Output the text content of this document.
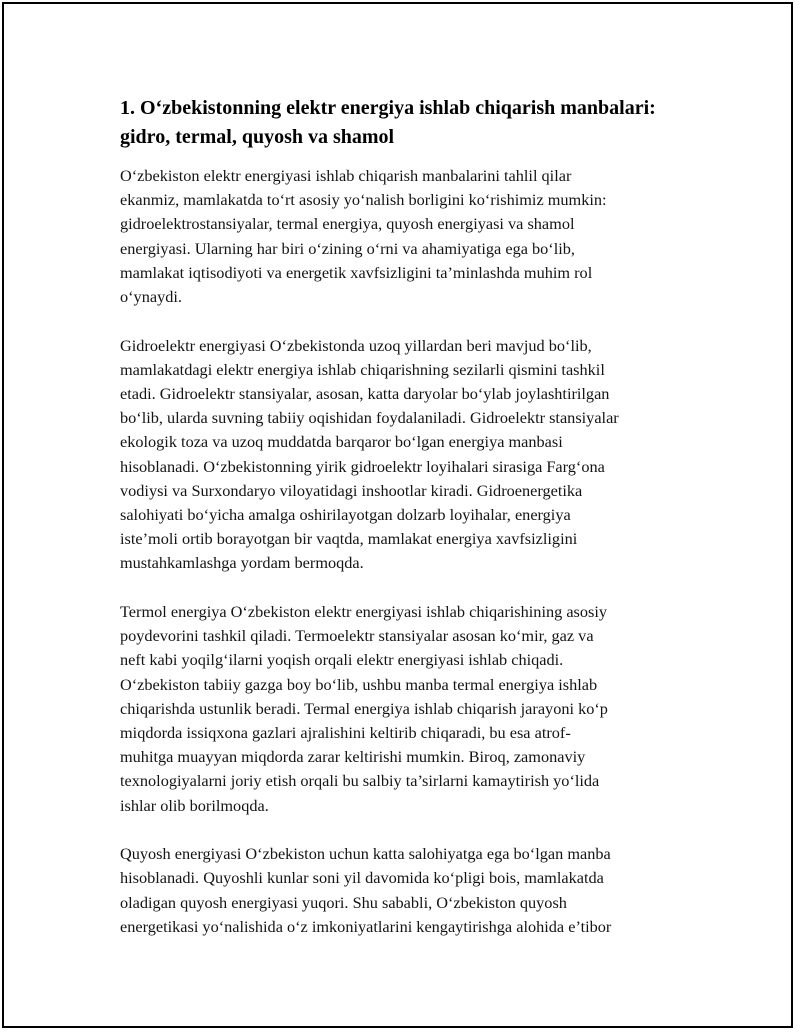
1. O‘zbekistonning elektr energiya ishlab chiqarish manbalari:
gidro, termal, quyosh va shamol

O‘zbekiston elektr energiyasi ishlab chiqarish manbalarini tahlil qilar
ekanmiz, mamlakatda to‘rt asosiy yo‘nalish borligini ko‘rishimiz mumkin:
gidroelektrostansiyalar, termal energiya, quyosh energiyasi va shamol
energiyasi. Ularning har biri o‘zining o‘rni va ahamiyatiga ega bo‘lib,
mamlakat iqtisodiyoti va energetik xavfsizligini ta’minlashda muhim rol
o‘ynaydi.

Gidroelektr energiyasi O‘zbekistonda uzoq yillardan beri mavjud bo‘lib,
mamlakatdagi elektr energiya ishlab chiqarishning sezilarli qismini tashkil
etadi. Gidroelektr stansiyalar, asosan, katta daryolar bo‘ylab joylashtirilgan
bo‘lib, ularda suvning tabiiy oqishidan foydalaniladi. Gidroelektr stansiyalar
ekologik toza va uzoq muddatda barqaror bo‘lgan energiya manbasi
hisoblanadi. O‘zbekistonning yirik gidroelektr loyihalari sirasiga Farg‘ona
vodiysi va Surxondaryo viloyatidagi inshootlar kiradi. Gidroenergetika
salohiyati bo‘yicha amalga oshirilayotgan dolzarb loyihalar, energiya
iste’moli ortib borayotgan bir vaqtda, mamlakat energiya xavfsizligini
mustahkamlashga yordam bermoqda.

Termol energiya O‘zbekiston elektr energiyasi ishlab chiqarishining asosiy
poydevorini tashkil qiladi. Termoelektr stansiyalar asosan ko‘mir, gaz va
neft kabi yoqilg‘ilarni yoqish orqali elektr energiyasi ishlab chiqadi.
O‘zbekiston tabiiy gazga boy bo‘lib, ushbu manba termal energiya ishlab
chiqarishda ustunlik beradi. Termal energiya ishlab chiqarish jarayoni ko‘p
miqdorda issiqxona gazlari ajralishini keltirib chiqaradi, bu esa atrof-
muhitga muayyan miqdorda zarar keltirishi mumkin. Biroq, zamonaviy
texnologiyalarni joriy etish orqali bu salbiy ta’sirlarni kamaytirish yo‘lida
ishlar olib borilmoqda.

Quyosh energiyasi O‘zbekiston uchun katta salohiyatga ega bo‘lgan manba
hisoblanadi. Quyoshli kunlar soni yil davomida ko‘pligi bois, mamlakatda
oladigan quyosh energiyasi yuqori. Shu sababli, O‘zbekiston quyosh
energetikasi yo‘nalishida o‘z imkoniyatlarini kengaytirishga alohida e’tibor
